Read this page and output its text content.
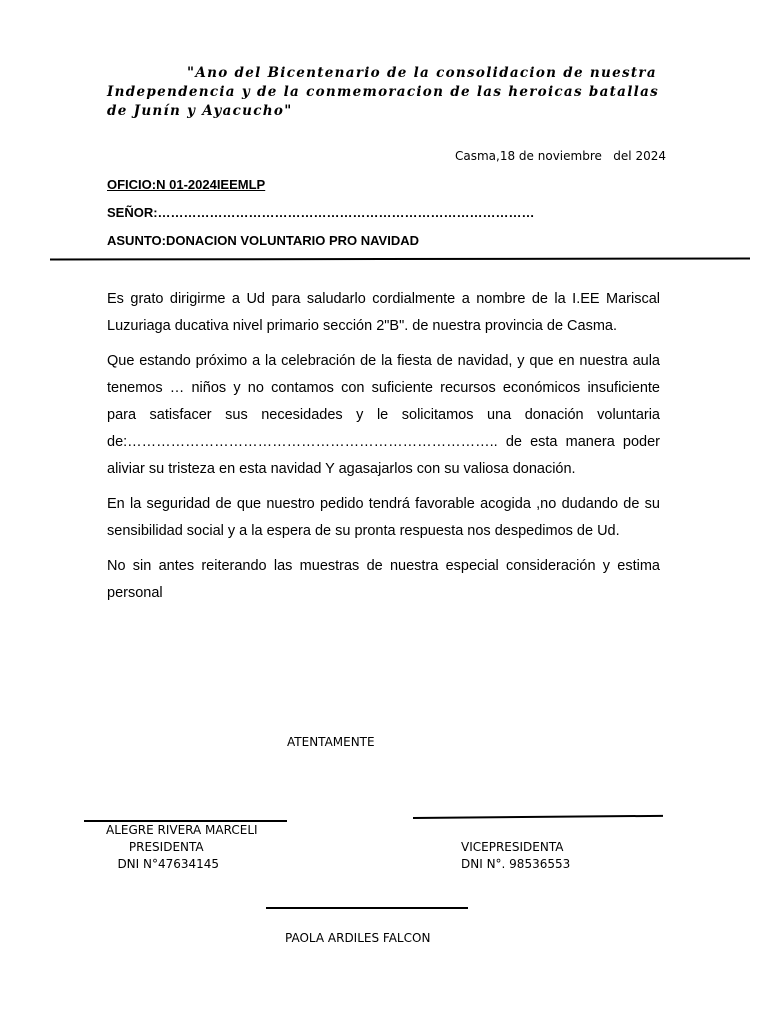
"Ano del Bicentenario de la consolidacion de nuestra Independencia y de la conmemoracion de las heroicas batallas de Junín y Ayacucho"

Casma,18 de noviembre   del 2024
OFICIO:N 01-2024IEEMLP
SEÑOR:……………………………………………………………………………
ASUNTO:DONACION VOLUNTARIO PRO NAVIDAD

Es grato dirigirme a Ud para saludarlo cordialmente a nombre de la I.EE Mariscal Luzuriaga ducativa nivel primario sección 2"B". de nuestra provincia de Casma.

Que estando próximo a la celebración de la fiesta de navidad, y que en nuestra aula tenemos … niños y no contamos con suficiente recursos económicos insuficiente para satisfacer sus necesidades y le solicitamos una donación voluntaria de:………………………………………………………………….. de esta manera poder aliviar su tristeza en esta navidad Y agasajarlos con su valiosa donación.

En la seguridad de que nuestro pedido tendrá favorable acogida ,no dudando de su sensibilidad social y a la espera de su pronta respuesta nos despedimos de Ud.

No sin antes reiterando las muestras de nuestra especial consideración y estima personal

ATENTAMENTE
ALEGRE RIVERA MARCELI
PRESIDENTA
DNI N°47634145
VICEPRESIDENTA
DNI N°. 98536553
PAOLA ARDILES FALCON
